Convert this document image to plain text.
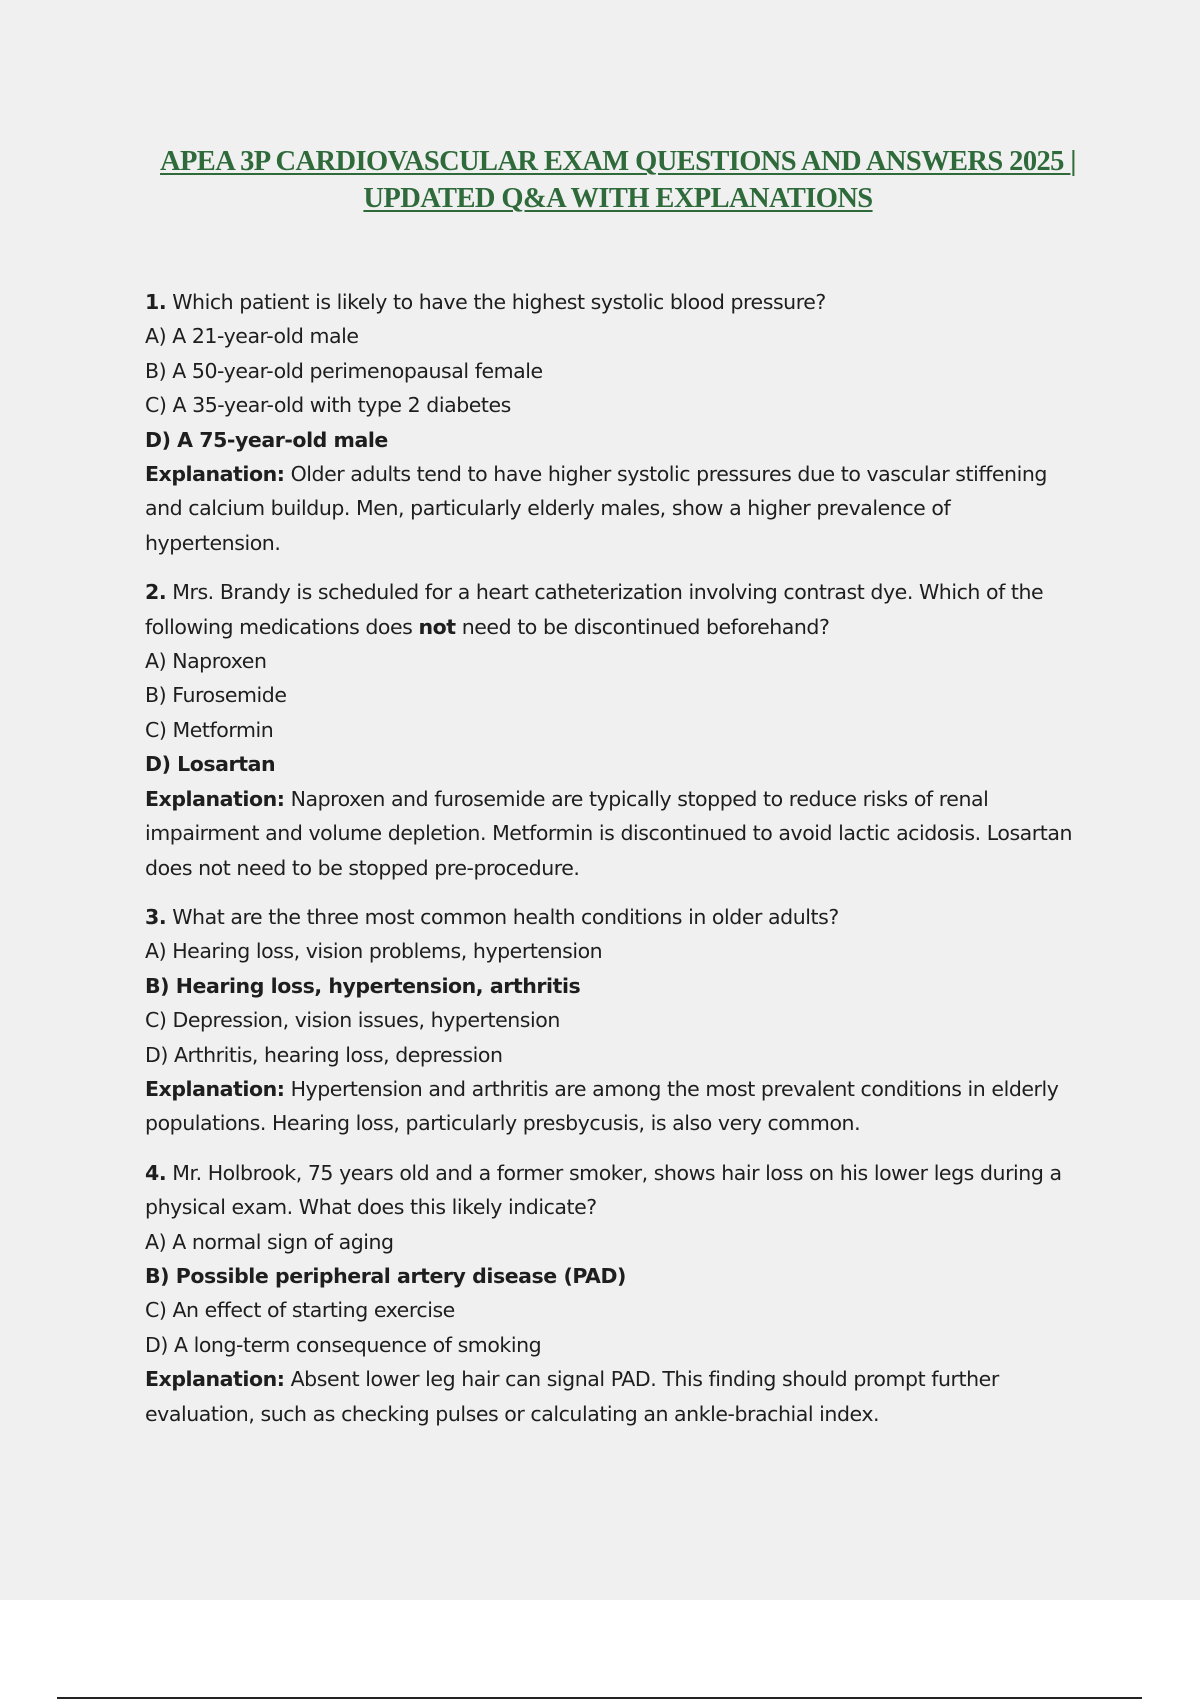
APEA 3P CARDIOVASCULAR EXAM QUESTIONS AND ANSWERS 2025 |
UPDATED Q&A WITH EXPLANATIONS
1. Which patient is likely to have the highest systolic blood pressure?
A) A 21-year-old male
B) A 50-year-old perimenopausal female
C) A 35-year-old with type 2 diabetes
D) A 75-year-old male
Explanation: Older adults tend to have higher systolic pressures due to vascular stiffening and calcium buildup. Men, particularly elderly males, show a higher prevalence of hypertension.
2. Mrs. Brandy is scheduled for a heart catheterization involving contrast dye. Which of the following medications does not need to be discontinued beforehand?
A) Naproxen
B) Furosemide
C) Metformin
D) Losartan
Explanation: Naproxen and furosemide are typically stopped to reduce risks of renal impairment and volume depletion. Metformin is discontinued to avoid lactic acidosis. Losartan does not need to be stopped pre-procedure.
3. What are the three most common health conditions in older adults?
A) Hearing loss, vision problems, hypertension
B) Hearing loss, hypertension, arthritis
C) Depression, vision issues, hypertension
D) Arthritis, hearing loss, depression
Explanation: Hypertension and arthritis are among the most prevalent conditions in elderly populations. Hearing loss, particularly presbycusis, is also very common.
4. Mr. Holbrook, 75 years old and a former smoker, shows hair loss on his lower legs during a physical exam. What does this likely indicate?
A) A normal sign of aging
B) Possible peripheral artery disease (PAD)
C) An effect of starting exercise
D) A long-term consequence of smoking
Explanation: Absent lower leg hair can signal PAD. This finding should prompt further evaluation, such as checking pulses or calculating an ankle-brachial index.
